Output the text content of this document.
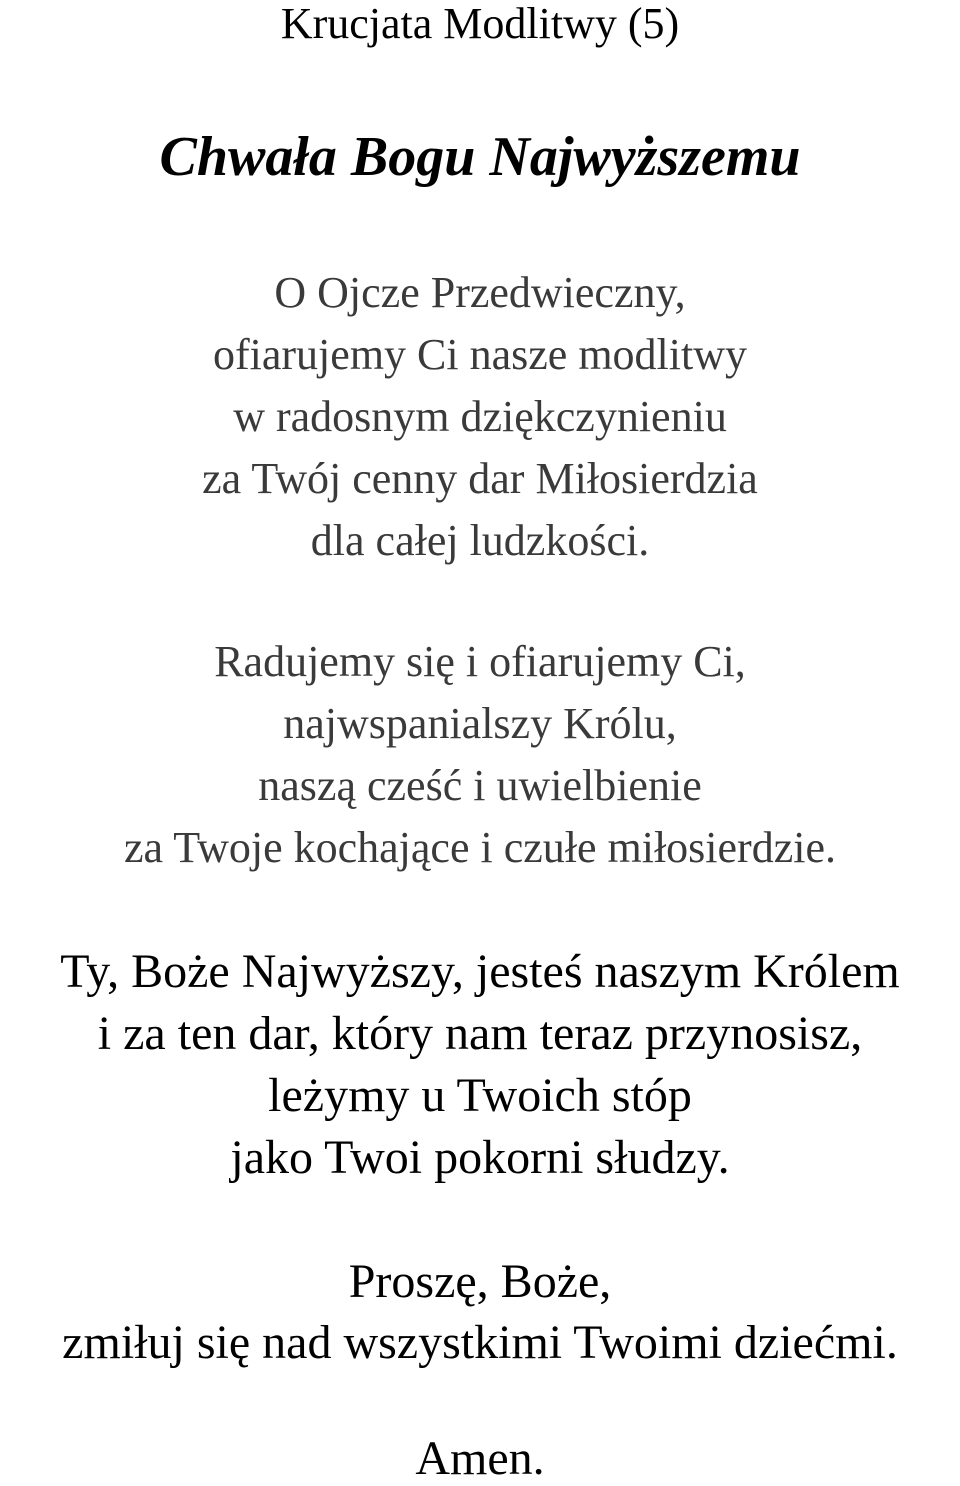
Krucjata Modlitwy (5)

Chwała Bogu Najwyższemu
O Ojcze Przedwieczny,
ofiarujemy Ci nasze modlitwy
w radosnym dziękczynieniu
za Twój cenny dar Miłosierdzia
dla całej ludzkości.
Radujemy się i ofiarujemy Ci,
najwspanialszy Królu,
naszą cześć i uwielbienie
za Twoje kochające i czułe miłosierdzie.
Ty, Boże Najwyższy, jesteś naszym Królem
i za ten dar, który nam teraz przynosisz,
leżymy u Twoich stóp
jako Twoi pokorni słudzy.
Proszę, Boże,
zmiłuj się nad wszystkimi Twoimi dziećmi.

Amen.
